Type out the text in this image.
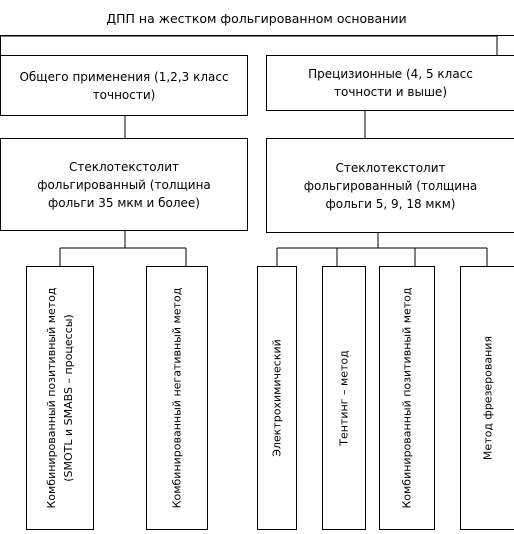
ДПП на жестком фольгированном основании
Общего применения (1,2,3 класс
точности)
Прецизионные (4, 5 класс
точности и выше)
Стеклотекстолит
фольгированный (толщина
фольги 35 мкм и более)
Стеклотекстолит
фольгированный (толщина
фольги 5, 9, 18 мкм)
Комбинированный позитивный метод (SMOTL и SMABS – процессы)	Комбинированный негативный метод	Электрохимический	Тентинг – метод	Комбинированный позитивный метод	Метод фрезерования
